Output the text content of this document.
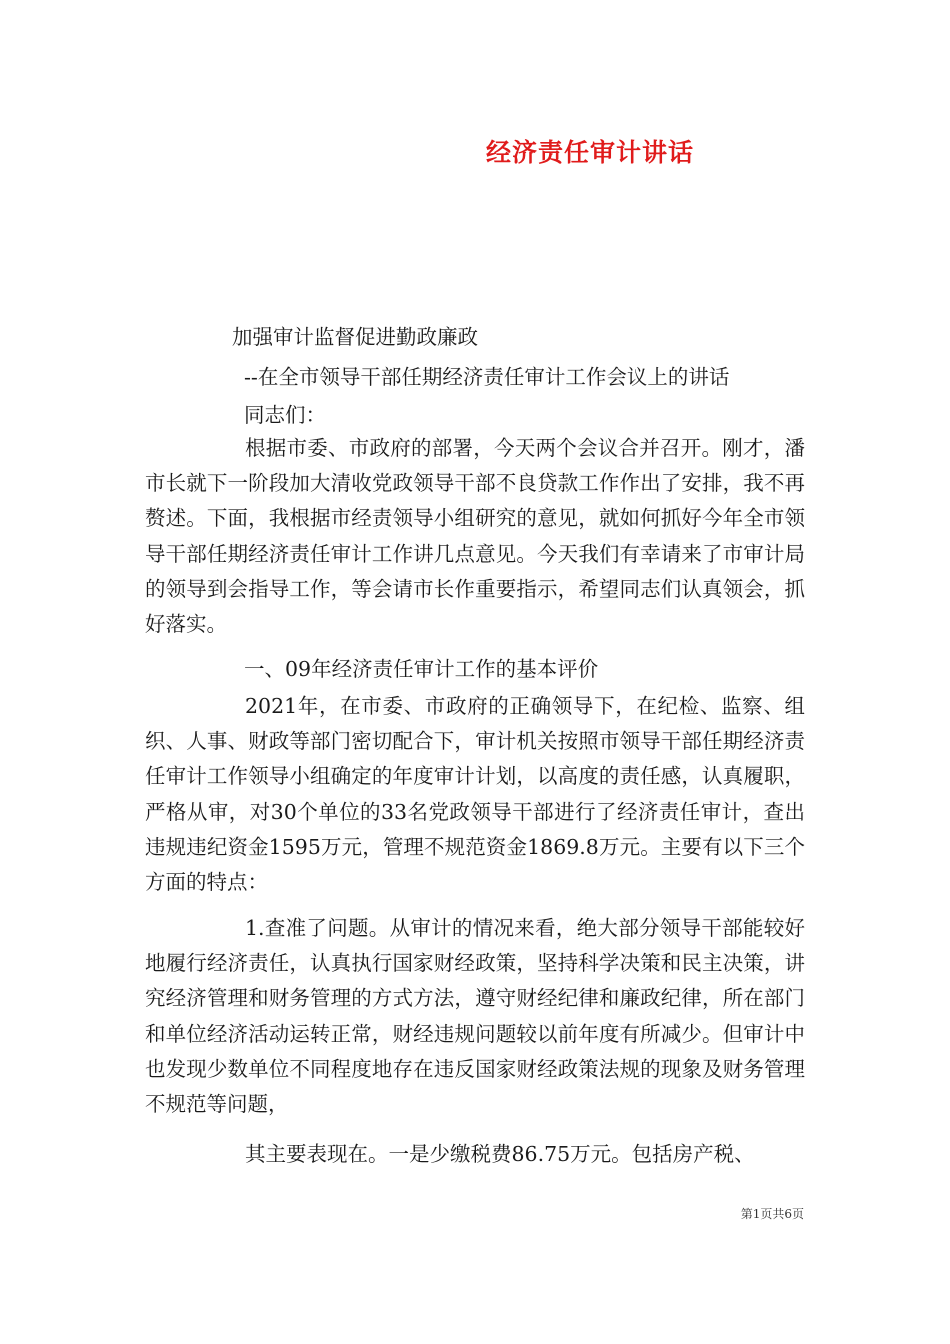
经济责任审计讲话
加强审计监督促进勤政廉政
--在全市领导干部任期经济责任审计工作会议上的讲话
同志们：

根据市委、市政府的部署，今天两个会议合并召开。刚才，潘市长就下一阶段加大清收党政领导干部不良贷款工作作出了安排，我不再赘述。下面，我根据市经责领导小组研究的意见，就如何抓好今年全市领导干部任期经济责任审计工作讲几点意见。今天我们有幸请来了市审计局的领导到会指导工作，等会请市长作重要指示，希望同志们认真领会，抓好落实。

一、09年经济责任审计工作的基本评价

2021年，在市委、市政府的正确领导下，在纪检、监察、组织、人事、财政等部门密切配合下，审计机关按照市领导干部任期经济责任审计工作领导小组确定的年度审计计划，以高度的责任感，认真履职，严格从审，对30个单位的33名党政领导干部进行了经济责任审计，查出违规违纪资金1595万元，管理不规范资金1869.8万元。主要有以下三个方面的特点：

1.查准了问题。从审计的情况来看，绝大部分领导干部能较好地履行经济责任，认真执行国家财经政策，坚持科学决策和民主决策，讲究经济管理和财务管理的方式方法，遵守财经纪律和廉政纪律，所在部门和单位经济活动运转正常，财经违规问题较以前年度有所减少。但审计中也发现少数单位不同程度地存在违反国家财经政策法规的现象及财务管理不规范等问题，

其主要表现在。一是少缴税费86.75万元。包括房产税、

第1页共6页
